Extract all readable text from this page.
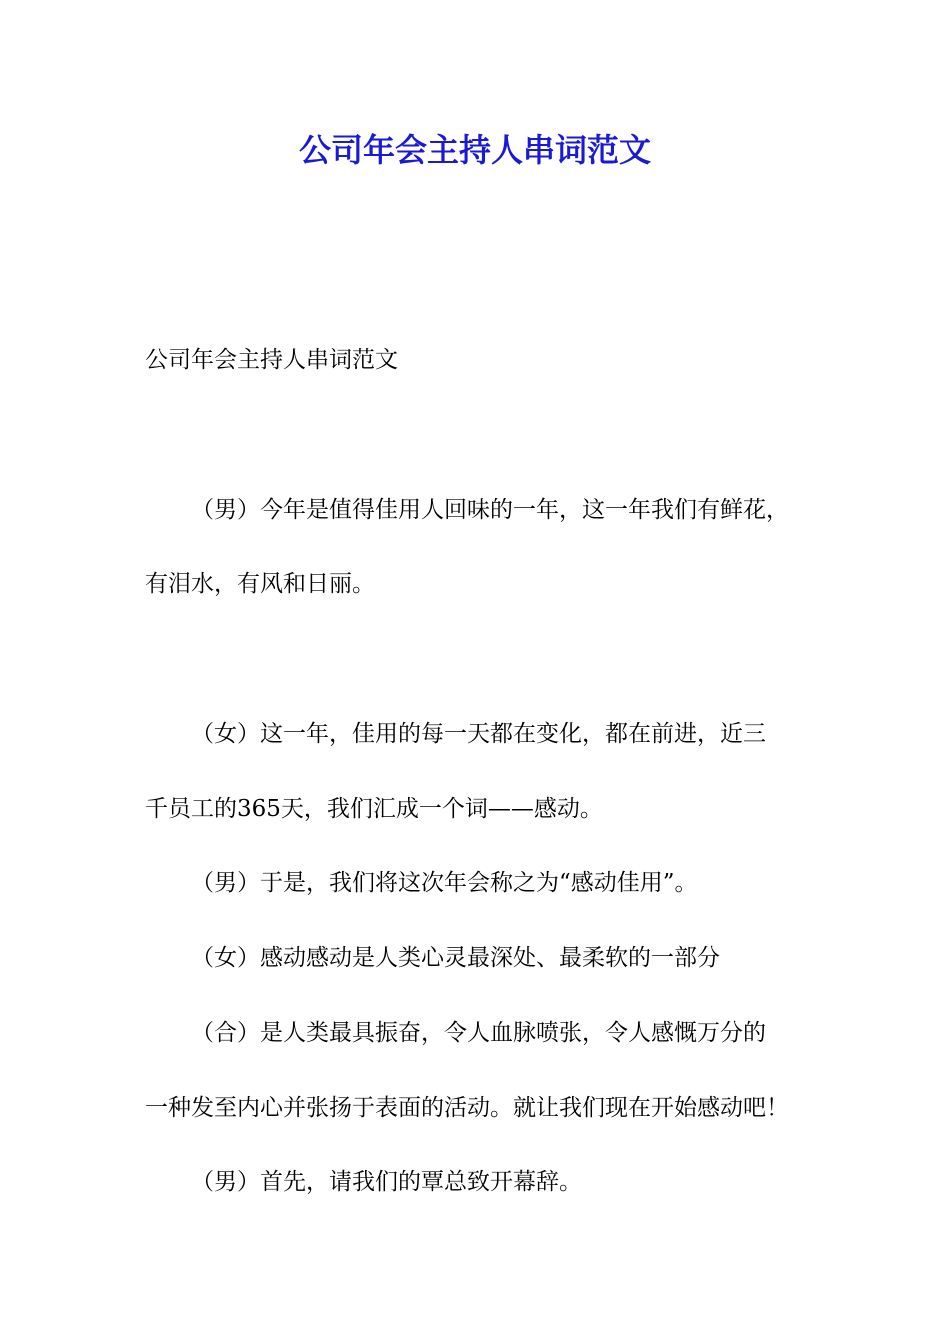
公司年会主持人串词范文

公司年会主持人串词范文

（男）今年是值得佳用人回味的一年，这一年我们有鲜花，

有泪水，有风和日丽。

（女）这一年，佳用的每一天都在变化，都在前进，近三

千员工的365天，我们汇成一个词——感动。

（男）于是，我们将这次年会称之为“感动佳用”。

（女）感动感动是人类心灵最深处、最柔软的一部分

（合）是人类最具振奋，令人血脉喷张，令人感慨万分的

一种发至内心并张扬于表面的活动。就让我们现在开始感动吧！

（男）首先，请我们的覃总致开幕辞。
